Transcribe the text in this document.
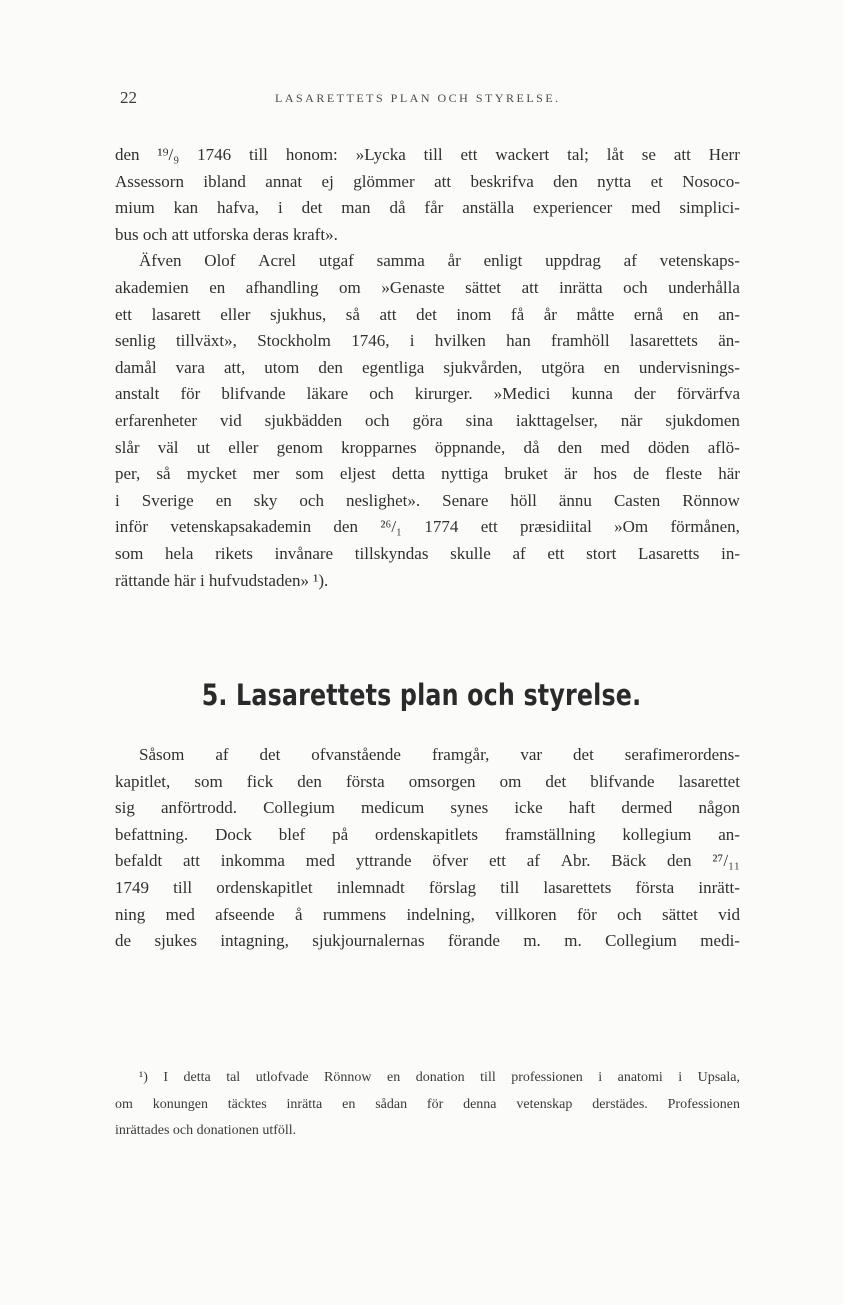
22	LASARETTETS PLAN OCH STYRELSE.
den ¹⁹/₉ 1746 till honom: »Lycka till ett wackert tal; låt se att Herr
Assessorn ibland annat ej glömmer att beskrifva den nytta et Nosoco-
mium kan hafva, i det man då får anställa experiencer med simplici-
bus och att utforska deras kraft».
Äfven Olof Acrel utgaf samma år enligt uppdrag af vetenskaps-
akademien en afhandling om »Genaste sättet att inrätta och underhålla
ett lasarett eller sjukhus, så att det inom få år måtte ernå en an-
senlig tillväxt», Stockholm 1746, i hvilken han framhöll lasarettets än-
damål vara att, utom den egentliga sjukvården, utgöra en undervisnings-
anstalt för blifvande läkare och kirurger. »Medici kunna der förvärfva
erfarenheter vid sjukbädden och göra sina iakttagelser, när sjukdomen
slår väl ut eller genom kropparnes öppnande, då den med döden aflö-
per, så mycket mer som eljest detta nyttiga bruket är hos de fleste här
i Sverige en sky och neslighet». Senare höll ännu Casten Rönnow
inför vetenskapsakademin den ²⁶/₁ 1774 ett præsidiital »Om förmånen,
som hela rikets invånare tillskyndas skulle af ett stort Lasaretts in-
rättande här i hufvudstaden» ¹).
5. Lasarettets plan och styrelse.
Såsom af det ofvanstående framgår, var det serafimerordens-
kapitlet, som fick den första omsorgen om det blifvande lasarettet
sig anförtrodd. Collegium medicum synes icke haft dermed någon
befattning. Dock blef på ordenskapitlets framställning kollegium an-
befaldt att inkomma med yttrande öfver ett af Abr. Bäck den ²⁷/₁₁
1749 till ordenskapitlet inlemnadt förslag till lasarettets första inrätt-
ning med afseende å rummens indelning, villkoren för och sättet vid
de sjukes intagning, sjukjournalernas förande m. m. Collegium medi-
¹) I detta tal utlofvade Rönnow en donation till professionen i anatomi i Upsala,
om konungen täcktes inrätta en sådan för denna vetenskap derstädes. Professionen
inrättades och donationen utföll.
